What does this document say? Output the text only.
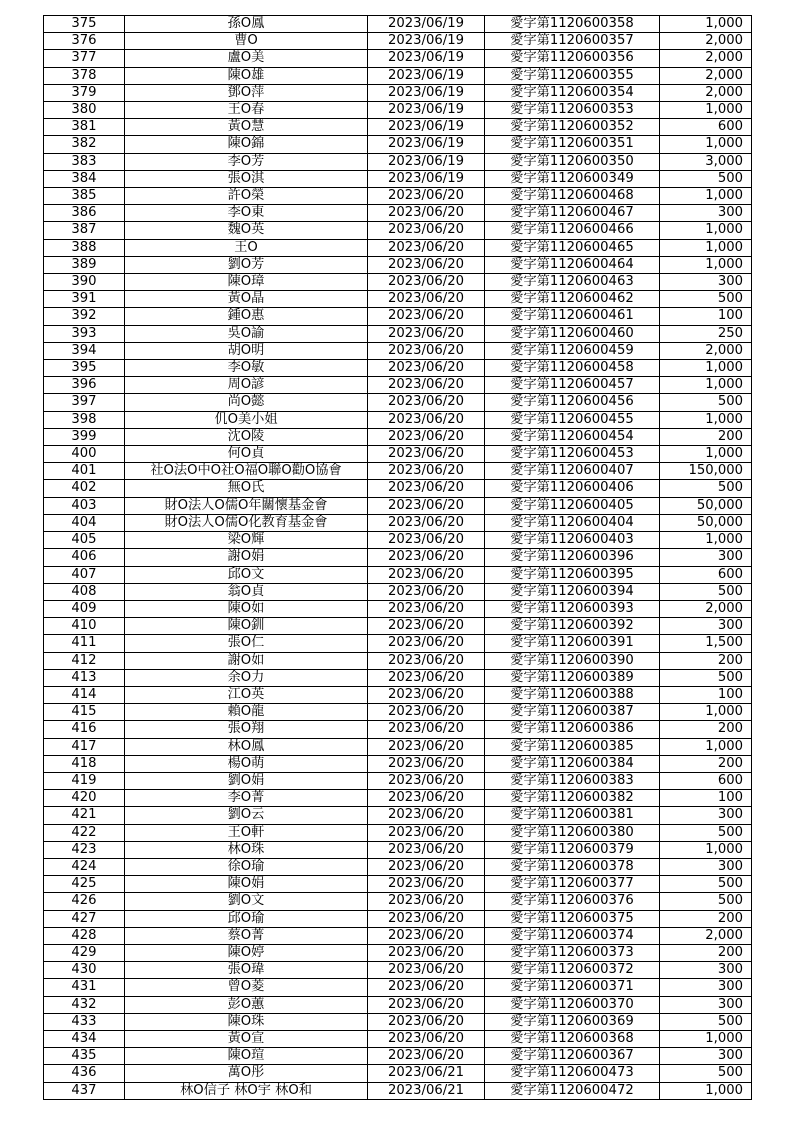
375	孫O鳳	2023/06/19	愛字第1120600358	1,000
376	曹O	2023/06/19	愛字第1120600357	2,000
377	盧O美	2023/06/19	愛字第1120600356	2,000
378	陳O雄	2023/06/19	愛字第1120600355	2,000
379	鄧O萍	2023/06/19	愛字第1120600354	2,000
380	王O春	2023/06/19	愛字第1120600353	1,000
381	黃O慧	2023/06/19	愛字第1120600352	600
382	陳O錦	2023/06/19	愛字第1120600351	1,000
383	李O芳	2023/06/19	愛字第1120600350	3,000
384	張O淇	2023/06/19	愛字第1120600349	500
385	許O榮	2023/06/20	愛字第1120600468	1,000
386	李O東	2023/06/20	愛字第1120600467	300
387	魏O英	2023/06/20	愛字第1120600466	1,000
388	王O	2023/06/20	愛字第1120600465	1,000
389	劉O芳	2023/06/20	愛字第1120600464	1,000
390	陳O璋	2023/06/20	愛字第1120600463	300
391	黃O晶	2023/06/20	愛字第1120600462	500
392	鍾O惠	2023/06/20	愛字第1120600461	100
393	吳O諭	2023/06/20	愛字第1120600460	250
394	胡O明	2023/06/20	愛字第1120600459	2,000
395	李O敏	2023/06/20	愛字第1120600458	1,000
396	周O諺	2023/06/20	愛字第1120600457	1,000
397	尚O懿	2023/06/20	愛字第1120600456	500
398	仉O美小姐	2023/06/20	愛字第1120600455	1,000
399	沈O陵	2023/06/20	愛字第1120600454	200
400	何O貞	2023/06/20	愛字第1120600453	1,000
401	社O法O中O社O福O聯O勸O協會	2023/06/20	愛字第1120600407	150,000
402	無O氏	2023/06/20	愛字第1120600406	500
403	財O法人O儒O年關懷基金會	2023/06/20	愛字第1120600405	50,000
404	財O法人O儒O化教育基金會	2023/06/20	愛字第1120600404	50,000
405	梁O輝	2023/06/20	愛字第1120600403	1,000
406	謝O娟	2023/06/20	愛字第1120600396	300
407	邱O文	2023/06/20	愛字第1120600395	600
408	翁O貞	2023/06/20	愛字第1120600394	500
409	陳O如	2023/06/20	愛字第1120600393	2,000
410	陳O釧	2023/06/20	愛字第1120600392	300
411	張O仁	2023/06/20	愛字第1120600391	1,500
412	謝O如	2023/06/20	愛字第1120600390	200
413	余O力	2023/06/20	愛字第1120600389	500
414	江O英	2023/06/20	愛字第1120600388	100
415	賴O龍	2023/06/20	愛字第1120600387	1,000
416	張O翔	2023/06/20	愛字第1120600386	200
417	林O鳳	2023/06/20	愛字第1120600385	1,000
418	楊O萌	2023/06/20	愛字第1120600384	200
419	劉O娟	2023/06/20	愛字第1120600383	600
420	李O菁	2023/06/20	愛字第1120600382	100
421	劉O云	2023/06/20	愛字第1120600381	300
422	王O軒	2023/06/20	愛字第1120600380	500
423	林O珠	2023/06/20	愛字第1120600379	1,000
424	徐O瑜	2023/06/20	愛字第1120600378	300
425	陳O娟	2023/06/20	愛字第1120600377	500
426	劉O文	2023/06/20	愛字第1120600376	500
427	邱O瑜	2023/06/20	愛字第1120600375	200
428	蔡O菁	2023/06/20	愛字第1120600374	2,000
429	陳O婷	2023/06/20	愛字第1120600373	200
430	張O瑋	2023/06/20	愛字第1120600372	300
431	曾O菱	2023/06/20	愛字第1120600371	300
432	彭O蕙	2023/06/20	愛字第1120600370	300
433	陳O珠	2023/06/20	愛字第1120600369	500
434	黃O宣	2023/06/20	愛字第1120600368	1,000
435	陳O瑄	2023/06/20	愛字第1120600367	300
436	萬O彤	2023/06/21	愛字第1120600473	500
437	林O信子 林O宇 林O和	2023/06/21	愛字第1120600472	1,000
